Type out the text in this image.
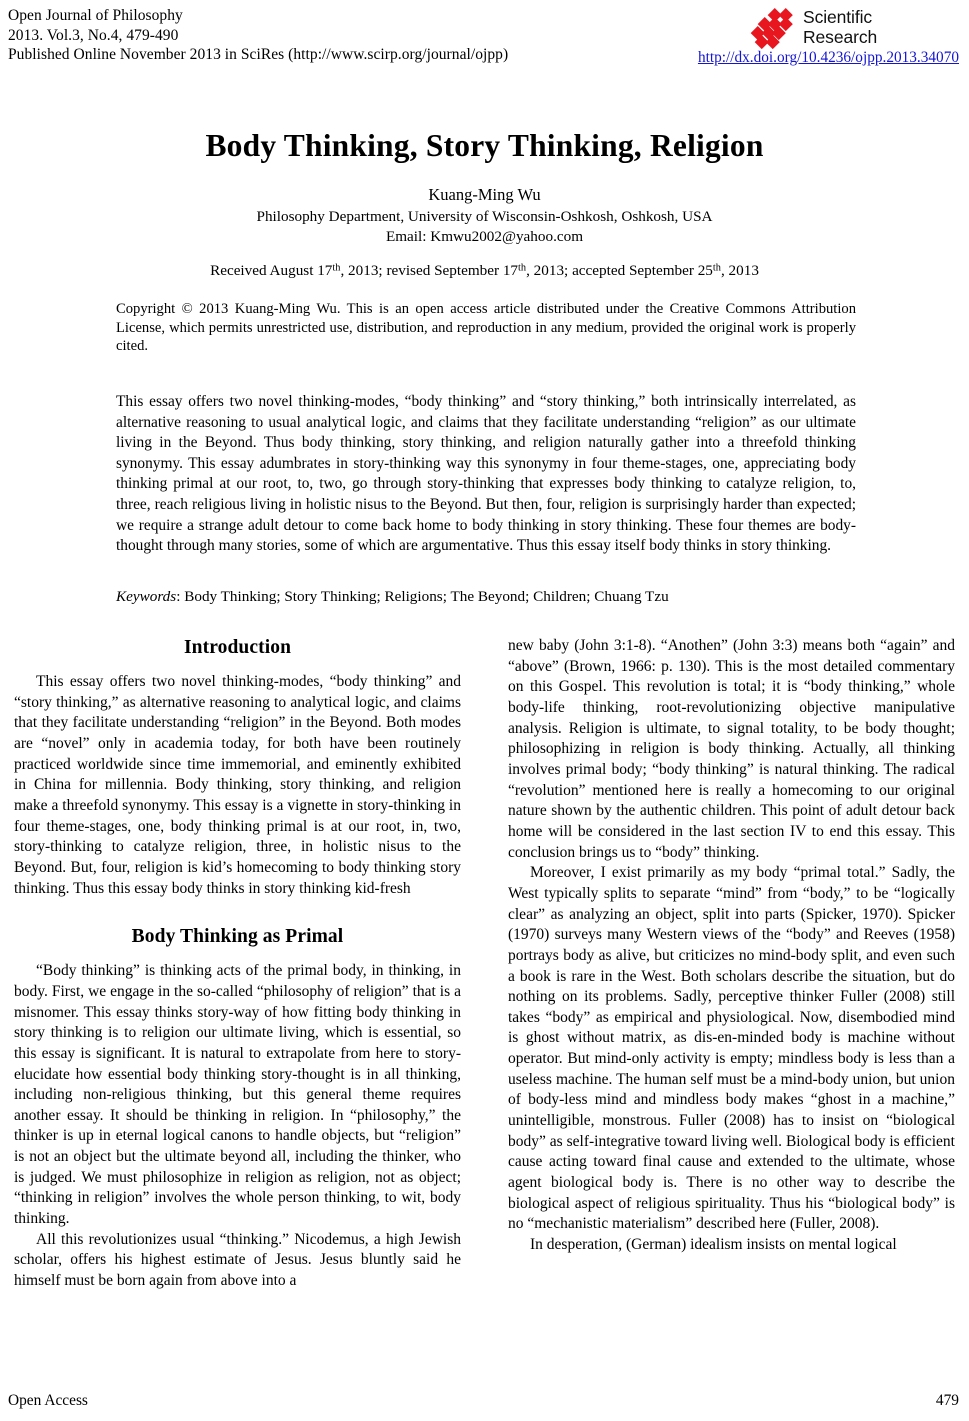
Open Journal of Philosophy
2013. Vol.3, No.4, 479-490
Published Online November 2013 in SciRes (http://www.scirp.org/journal/ojpp)
Scientific
Research
http://dx.doi.org/10.4236/ojpp.2013.34070
Body Thinking, Story Thinking, Religion
Kuang-Ming Wu
Philosophy Department, University of Wisconsin-Oshkosh, Oshkosh, USA
Email: Kmwu2002@yahoo.com
Received August 17th, 2013; revised September 17th, 2013; accepted September 25th, 2013
Copyright © 2013 Kuang-Ming Wu. This is an open access article distributed under the Creative Commons Attribution License, which permits unrestricted use, distribution, and reproduction in any medium, provided the original work is properly cited.
This essay offers two novel thinking-modes, “body thinking” and “story thinking,” both intrinsically interrelated, as alternative reasoning to usual analytical logic, and claims that they facilitate understanding “religion” as our ultimate living in the Beyond. Thus body thinking, story thinking, and religion naturally gather into a threefold thinking synonymy. This essay adumbrates in story-thinking way this synonymy in four theme-stages, one, appreciating body thinking primal at our root, to, two, go through story-thinking that expresses body thinking to catalyze religion, to, three, reach religious living in holistic nisus to the Beyond. But then, four, religion is surprisingly harder than expected; we require a strange adult detour to come back home to body thinking in story thinking. These four themes are body-thought through many stories, some of which are argumentative. Thus this essay itself body thinks in story thinking.
Keywords: Body Thinking; Story Thinking; Religions; The Beyond; Children; Chuang Tzu
Introduction

This essay offers two novel thinking-modes, “body thinking” and “story thinking,” as alternative reasoning to analytical logic, and claims that they facilitate understanding “religion” in the Beyond. Both modes are “novel” only in academia today, for both have been routinely practiced worldwide since time immemorial, and eminently exhibited in China for millennia. Body thinking, story thinking, and religion make a threefold synonymy. This essay is a vignette in story-thinking in four theme-stages, one, body thinking primal is at our root, in, two, story-thinking to catalyze religion, three, in holistic nisus to the Beyond. But, four, religion is kid’s homecoming to body thinking story thinking. Thus this essay body thinks in story thinking kid-fresh

Body Thinking as Primal

“Body thinking” is thinking acts of the primal body, in thinking, in body. First, we engage in the so-called “philosophy of religion” that is a misnomer. This essay thinks story-way of how fitting body thinking in story thinking is to religion our ultimate living, which is essential, so this essay is significant. It is natural to extrapolate from here to story-elucidate how essential body thinking story-thought is in all thinking, including non-religious thinking, but this general theme requires another essay. It should be thinking in religion. In “philosophy,” the thinker is up in eternal logical canons to handle objects, but “religion” is not an object but the ultimate beyond all, including the thinker, who is judged. We must philosophize in religion as religion, not as object; “thinking in religion” involves the whole person thinking, to wit, body thinking.

All this revolutionizes usual “thinking.” Nicodemus, a high Jewish scholar, offers his highest estimate of Jesus. Jesus bluntly said he himself must be born again from above into a

new baby (John 3:1-8). “Anothen” (John 3:3) means both “again” and “above” (Brown, 1966: p. 130). This is the most detailed commentary on this Gospel. This revolution is total; it is “body thinking,” whole body-life thinking, root-revolutionizing objective manipulative analysis. Religion is ultimate, to signal totality, to be body thought; philosophizing in religion is body thinking. Actually, all thinking involves primal body; “body thinking” is natural thinking. The radical “revolution” mentioned here is really a homecoming to our original nature shown by the authentic children. This point of adult detour back home will be considered in the last section IV to end this essay. This conclusion brings us to “body” thinking.

Moreover, I exist primarily as my body “primal total.” Sadly, the West typically splits to separate “mind” from “body,” to be “logically clear” as analyzing an object, split into parts (Spicker, 1970). Spicker (1970) surveys many Western views of the “body” and Reeves (1958) portrays body as alive, but criticizes no mind-body split, and even such a book is rare in the West. Both scholars describe the situation, but do nothing on its problems. Sadly, perceptive thinker Fuller (2008) still takes “body” as empirical and physiological. Now, disembodied mind is ghost without matrix, as dis-en-minded body is machine without operator. But mind-only activity is empty; mindless body is less than a useless machine. The human self must be a mind-body union, but union of body-less mind and mindless body makes “ghost in a machine,” unintelligible, monstrous. Fuller (2008) has to insist on “biological body” as self-integrative toward living well. Biological body is efficient cause acting toward final cause and extended to the ultimate, whose agent biological body is. There is no other way to describe the biological aspect of religious spirituality. Thus his “biological body” is no “mechanistic materialism” described here (Fuller, 2008).

In desperation, (German) idealism insists on mental logical

Open Access	479
